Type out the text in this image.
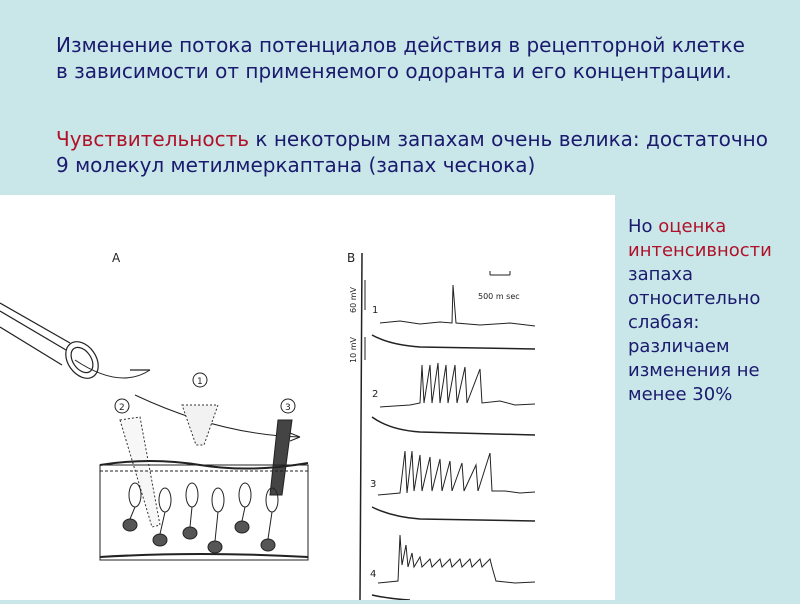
Изменение потока потенциалов действия в рецепторной клетке в зависимости от применяемого одоранта и его концентрации.
Чувствительность к некоторым запахам очень велика: достаточно 9 молекул метилмеркаптана (запах чеснока)
A
1
2	3
B
60 mV
10 mV
500 m sec
1
2
3
4
Но оценка интенсивности запаха относительно слабая: различаем изменения не менее 30%
